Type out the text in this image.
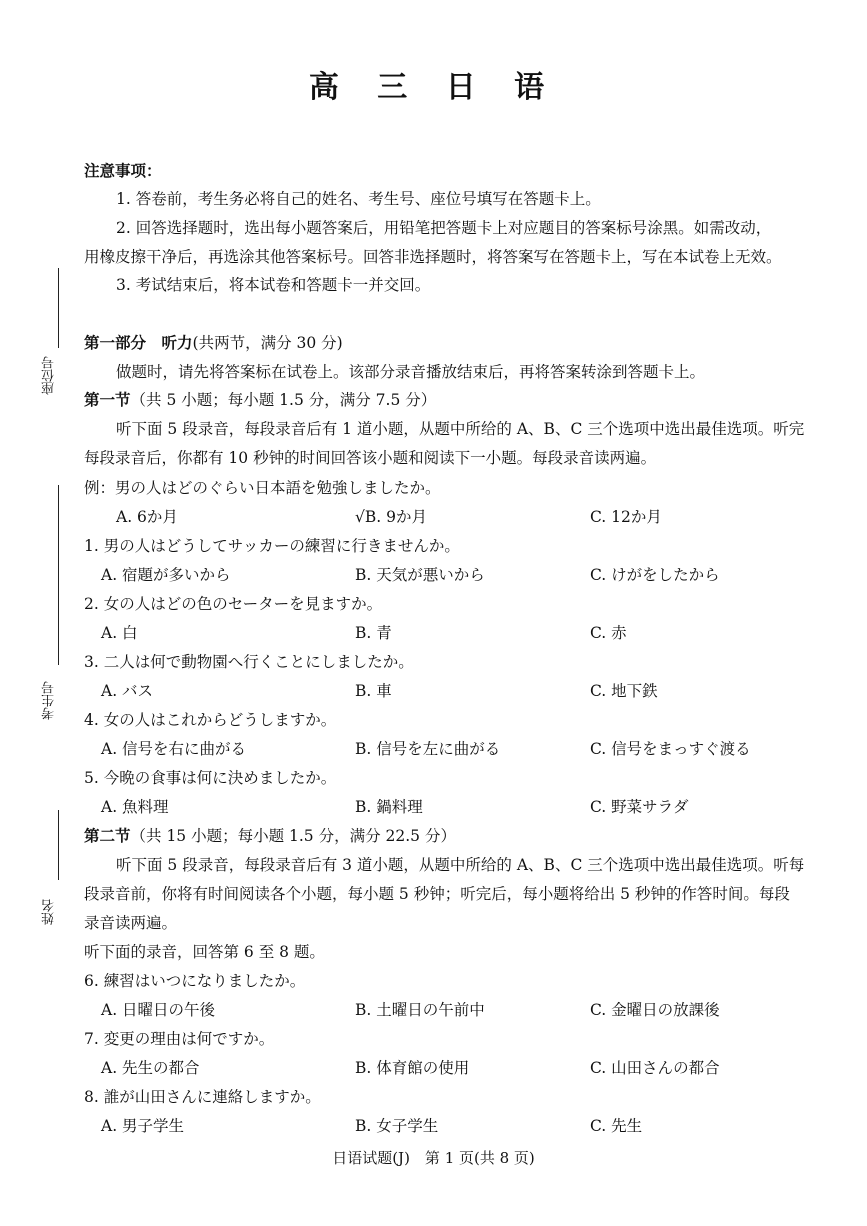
座位号
考生号
姓名
高 三 日 语
注意事项：
1. 答卷前，考生务必将自己的姓名、考生号、座位号填写在答题卡上。
2. 回答选择题时，选出每小题答案后，用铅笔把答题卡上对应题目的答案标号涂黑。如需改动，
用橡皮擦干净后，再选涂其他答案标号。回答非选择题时，将答案写在答题卡上，写在本试卷上无效。
3. 考试结束后，将本试卷和答题卡一并交回。
第一部分　听力(共两节，满分 30 分)
做题时，请先将答案标在试卷上。该部分录音播放结束后，再将答案转涂到答题卡上。
第一节（共 5 小题；每小题 1.5 分，满分 7.5 分）
听下面 5 段录音，每段录音后有 1 道小题，从题中所给的 A、B、C 三个选项中选出最佳选项。听完
每段录音后，你都有 10 秒钟的时间回答该小题和阅读下一小题。每段录音读两遍。
例：男の人はどのぐらい日本語を勉強しましたか。
A. 6か月	√B. 9か月	C. 12か月
1. 男の人はどうしてサッカーの練習に行きませんか。
A. 宿題が多いから	B. 天気が悪いから	C. けがをしたから
2. 女の人はどの色のセーターを見ますか。
A. 白	B. 青	C. 赤
3. 二人は何で動物園へ行くことにしましたか。
A. バス	B. 車	C. 地下鉄
4. 女の人はこれからどうしますか。
A. 信号を右に曲がる	B. 信号を左に曲がる	C. 信号をまっすぐ渡る
5. 今晩の食事は何に決めましたか。
A. 魚料理	B. 鍋料理	C. 野菜サラダ
第二节（共 15 小题；每小题 1.5 分，满分 22.5 分）
听下面 5 段录音，每段录音后有 3 道小题，从题中所给的 A、B、C 三个选项中选出最佳选项。听每
段录音前，你将有时间阅读各个小题，每小题 5 秒钟；听完后，每小题将给出 5 秒钟的作答时间。每段
录音读两遍。
听下面的录音，回答第 6 至 8 题。
6. 練習はいつになりましたか。
A. 日曜日の午後	B. 土曜日の午前中	C. 金曜日の放課後
7. 変更の理由は何ですか。
A. 先生の都合	B. 体育館の使用	C. 山田さんの都合
8. 誰が山田さんに連絡しますか。
A. 男子学生	B. 女子学生	C. 先生
日语试题(J)　第 1 页(共 8 页)
